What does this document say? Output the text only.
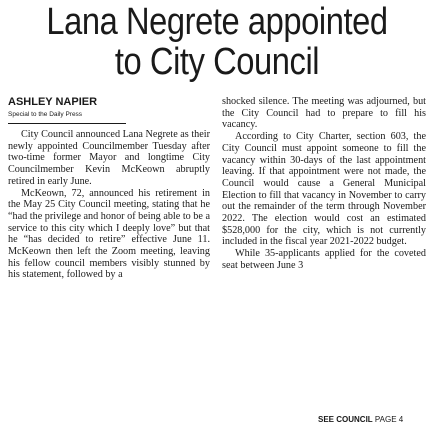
Lana Negrete appointed
to City Council
ASHLEY NAPIER
Special to the Daily Press

City Council announced Lana Negrete as their newly appointed Councilmember Tuesday after two-time former Mayor and longtime City Councilmember Kevin McKeown abruptly retired in early June.

McKeown, 72, announced his retirement in the May 25 City Council meeting, stating that he “had the privilege and honor of being able to be a service to this city which I deeply love” but that he “has decided to retire” effective June 11. McKeown then left the Zoom meeting, leaving his fellow council members visibly stunned by his statement, followed by a

shocked silence. The meeting was adjourned, but the City Council had to prepare to fill his vacancy.

According to City Charter, section 603, the City Council must appoint someone to fill the vacancy within 30-days of the last appointment leaving. If that appointment were not made, the Council would cause a General Municipal Election to fill that vacancy in November to carry out the remainder of the term through November 2022. The election would cost an estimated $528,000 for the city, which is not currently included in the fiscal year 2021-2022 budget.

While 35-applicants applied for the coveted seat between June 3

SEE COUNCIL PAGE 4
